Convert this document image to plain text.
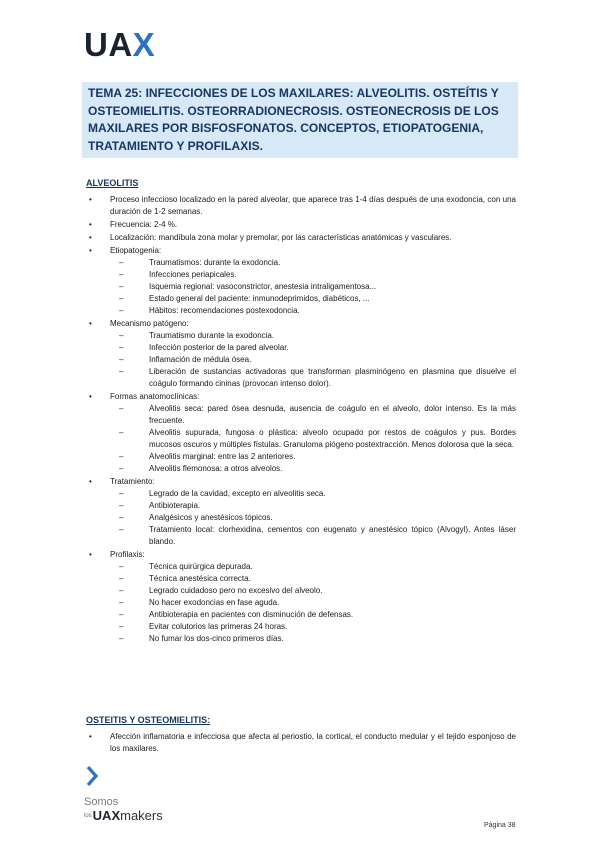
UAX

TEMA 25: INFECCIONES DE LOS MAXILARES: ALVEOLITIS. OSTEÍTIS Y OSTEOMIELITIS. OSTEORRADIONECROSIS. OSTEONECROSIS DE LOS MAXILARES POR BISFOSFONATOS. CONCEPTOS, ETIOPATOGENIA, TRATAMIENTO Y PROFILAXIS.

ALVEOLITIS

• Proceso infeccioso localizado en la pared alveolar, que aparece tras 1-4 días después de una exodoncia, con una duración de 1-2 semanas.
• Frecuencia: 2-4 %.
• Localización: mandíbula zona molar y premolar, por las características anatómicas y vasculares.
• Etiopatogenia:
– Traumatismos: durante la exodoncia.
– Infecciones periapicales.
– Isquemia regional: vasoconstrictor, anestesia intraligamentosa...
– Estado general del paciente: inmunodeprimidos, diabéticos, ...
– Hábitos: recomendaciones postexodoncia.
• Mecanismo patógeno:
– Traumatismo durante la exodoncia.
– Infección posterior de la pared alveolar.
– Inflamación de médula ósea.
– Liberación de sustancias activadoras que transforman plasminógeno en plasmina que disuelve el coágulo formando cininas (provocan intenso dolor).
• Formas anatomoclínicas:
– Alveolitis seca: pared ósea desnuda, ausencia de coágulo en el alveolo, dolor intenso. Es la más frecuente.
– Alveolitis supurada, fungosa o plástica: alveolo ocupado por restos de coágulos y pus. Bordes mucosos oscuros y múltiples fístulas. Granuloma piógeno postextracción. Menos dolorosa que la seca.
– Alveolitis marginal: entre las 2 anteriores.
– Alveolitis flemonosa: a otros alveolos.
• Tratamiento:
– Legrado de la cavidad, excepto en alveolitis seca.
– Antibioterapia.
– Analgésicos y anestésicos tópicos.
– Tratamiento local: clorhexidina, cementos con eugenato y anestésico tópico (Alvogyl). Antes láser blando.
• Profilaxis:
– Técnica quirúrgica depurada.
– Técnica anestésica correcta.
– Legrado cuidadoso pero no excesivo del alveolo.
– No hacer exodoncias en fase aguda.
– Antibioterapia en pacientes con disminución de defensas.
– Evitar colutorios las primeras 24 horas.
– No fumar los dos-cinco primeros días.

OSTEITIS Y OSTEOMIELITIS:

• Afección inflamatoria e infecciosa que afecta al periostio, la cortical, el conducto medular y el tejido esponjoso de los maxilares.
Somos
$^{los}$UAXmakers
Página 38
